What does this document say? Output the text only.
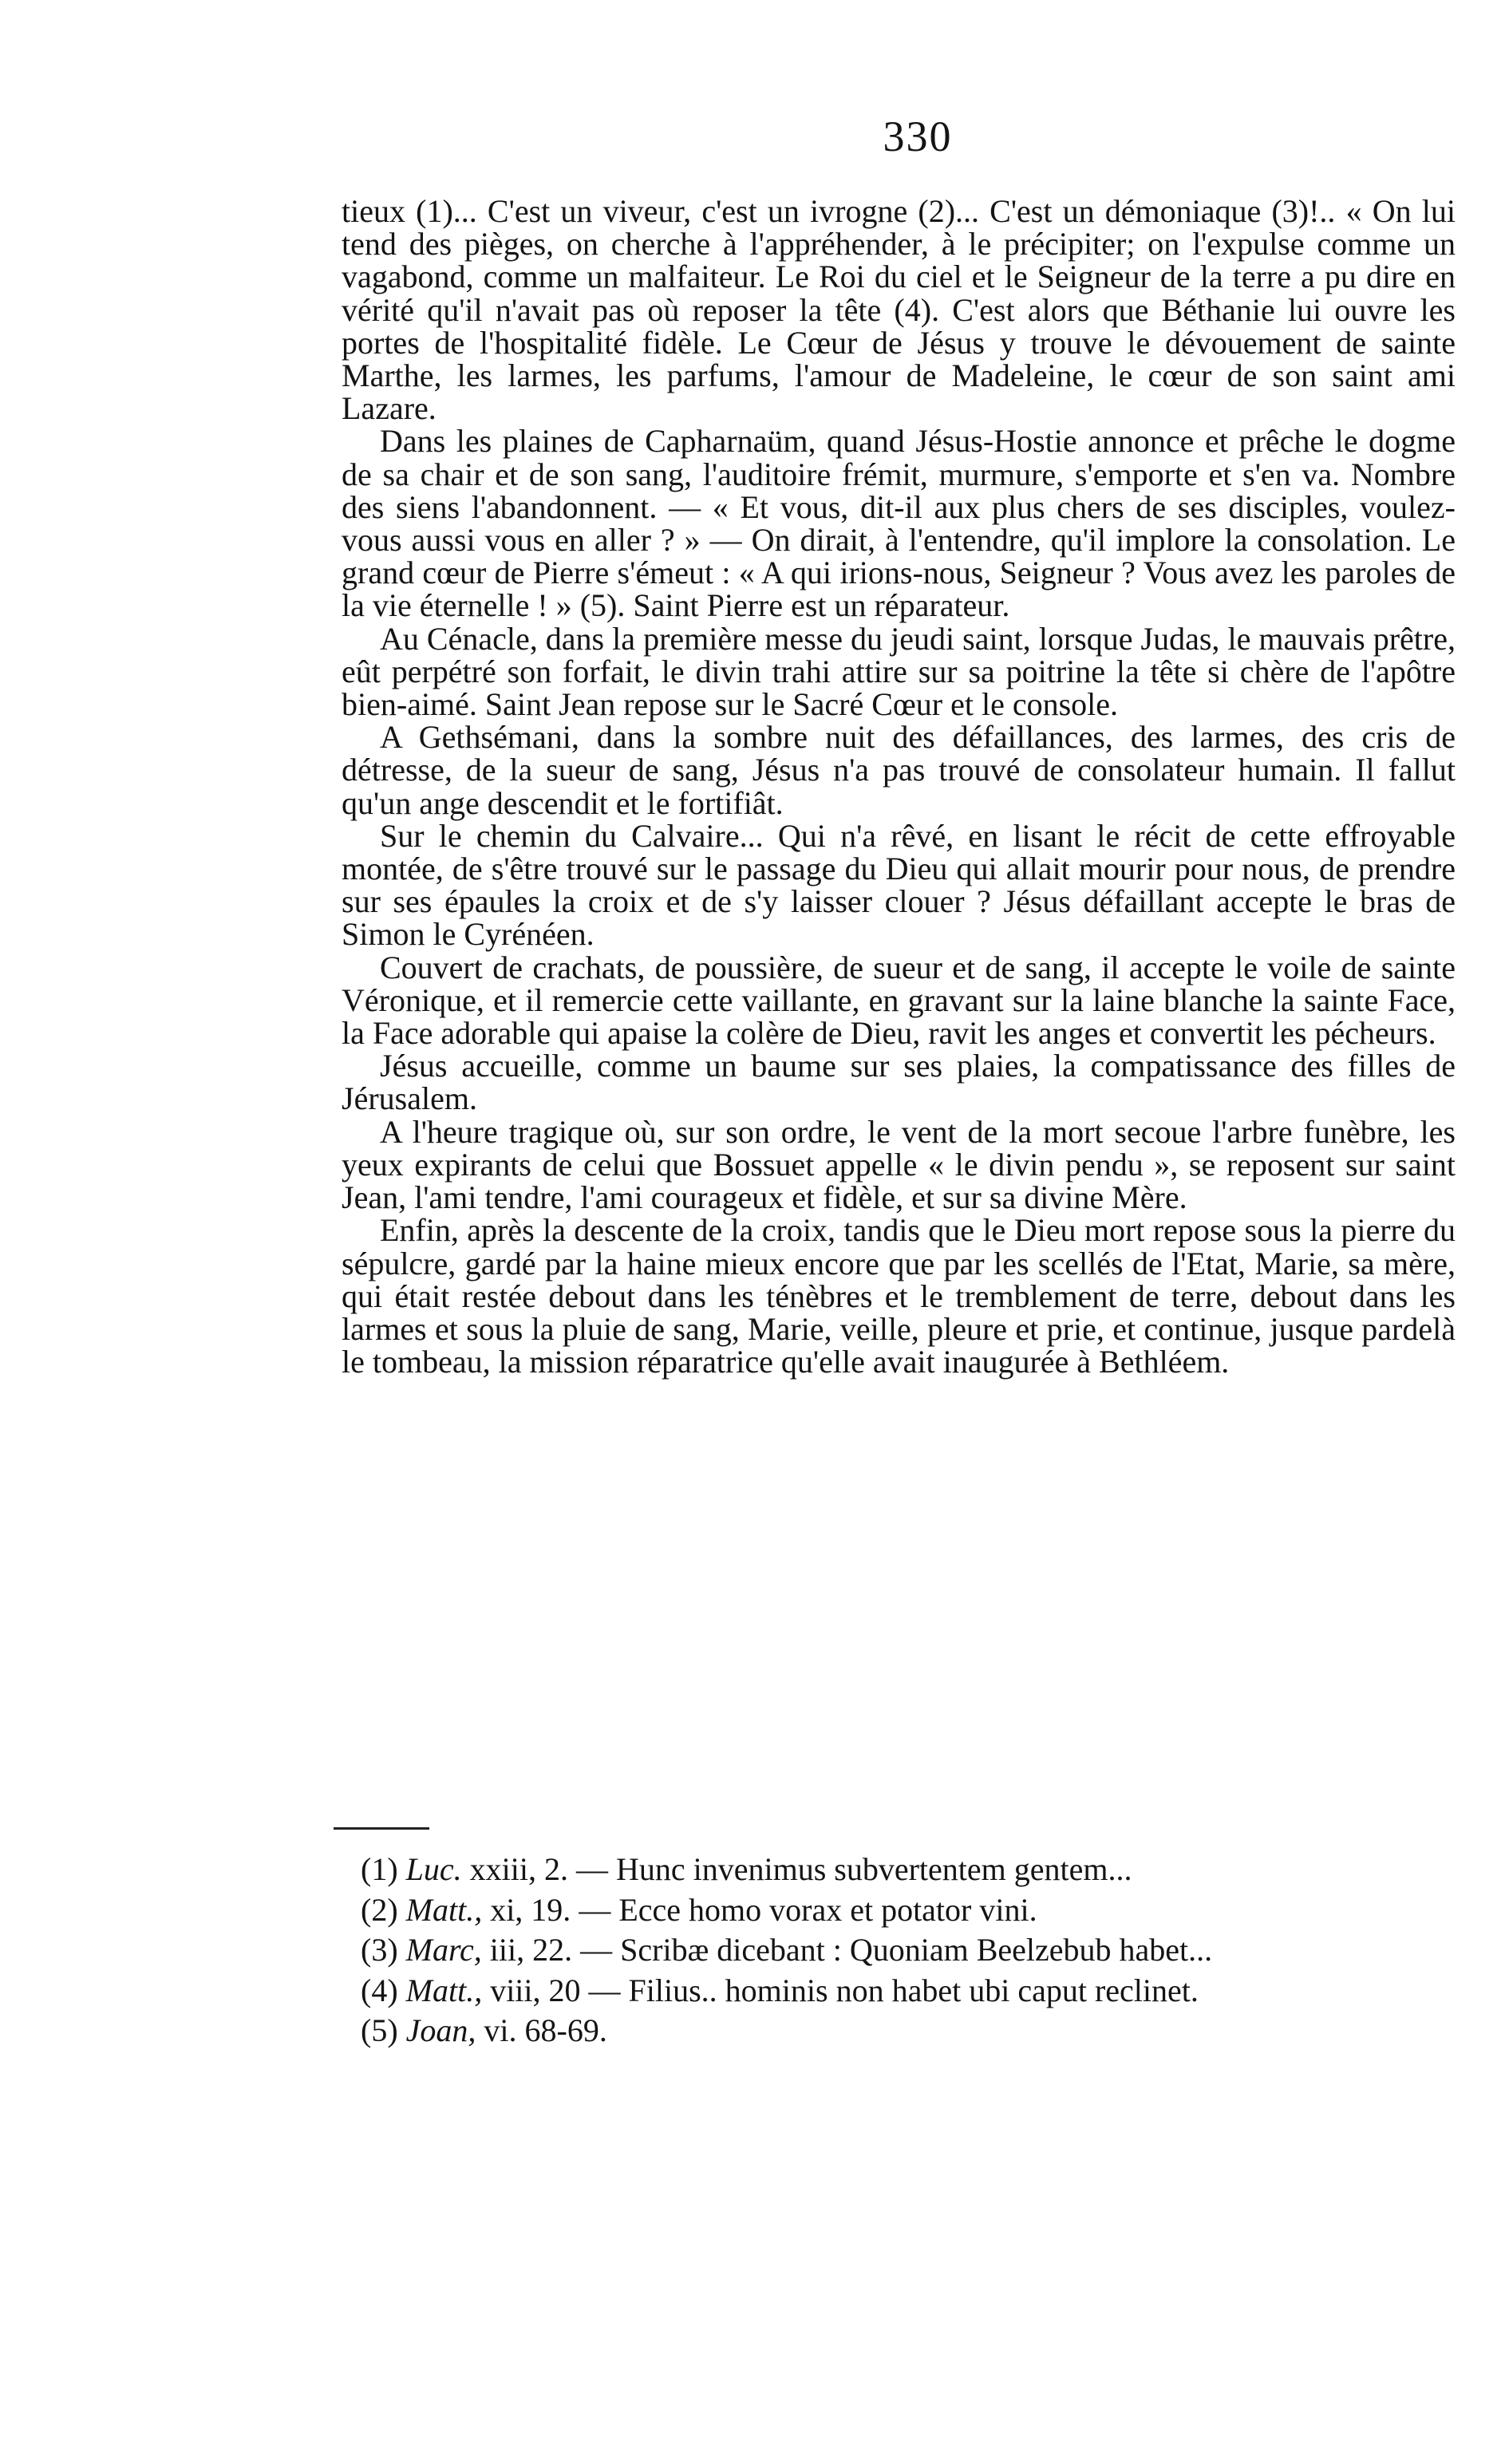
330

tieux (1)... C'est un viveur, c'est un ivrogne (2)... C'est un démoniaque (3)!.. « On lui tend des pièges, on cherche à l'appréhender, à le précipiter; on l'expulse comme un vagabond, comme un malfaiteur. Le Roi du ciel et le Seigneur de la terre a pu dire en vérité qu'il n'avait pas où reposer la tête (4). C'est alors que Béthanie lui ouvre les portes de l'hospitalité fidèle. Le Cœur de Jésus y trouve le dévouement de sainte Marthe, les larmes, les parfums, l'amour de Madeleine, le cœur de son saint ami Lazare.

Dans les plaines de Capharnaüm, quand Jésus-Hostie annonce et prêche le dogme de sa chair et de son sang, l'auditoire frémit, murmure, s'emporte et s'en va. Nombre des siens l'abandonnent. — « Et vous, dit-il aux plus chers de ses disciples, voulez-vous aussi vous en aller ? » — On dirait, à l'entendre, qu'il implore la consolation. Le grand cœur de Pierre s'émeut : « A qui irions-nous, Seigneur ? Vous avez les paroles de la vie éternelle ! » (5). Saint Pierre est un réparateur.

Au Cénacle, dans la première messe du jeudi saint, lorsque Judas, le mauvais prêtre, eût perpétré son forfait, le divin trahi attire sur sa poitrine la tête si chère de l'apôtre bien-aimé. Saint Jean repose sur le Sacré Cœur et le console.

A Gethsémani, dans la sombre nuit des défaillances, des larmes, des cris de détresse, de la sueur de sang, Jésus n'a pas trouvé de consolateur humain. Il fallut qu'un ange descendit et le fortifiât.

Sur le chemin du Calvaire... Qui n'a rêvé, en lisant le récit de cette effroyable montée, de s'être trouvé sur le passage du Dieu qui allait mourir pour nous, de prendre sur ses épaules la croix et de s'y laisser clouer ? Jésus défaillant accepte le bras de Simon le Cyrénéen.

Couvert de crachats, de poussière, de sueur et de sang, il accepte le voile de sainte Véronique, et il remercie cette vaillante, en gravant sur la laine blanche la sainte Face, la Face adorable qui apaise la colère de Dieu, ravit les anges et convertit les pécheurs.

Jésus accueille, comme un baume sur ses plaies, la compatissance des filles de Jérusalem.

A l'heure tragique où, sur son ordre, le vent de la mort secoue l'arbre funèbre, les yeux expirants de celui que Bossuet appelle « le divin pendu », se reposent sur saint Jean, l'ami tendre, l'ami courageux et fidèle, et sur sa divine Mère.

Enfin, après la descente de la croix, tandis que le Dieu mort repose sous la pierre du sépulcre, gardé par la haine mieux encore que par les scellés de l'Etat, Marie, sa mère, qui était restée debout dans les ténèbres et le tremblement de terre, debout dans les larmes et sous la pluie de sang, Marie, veille, pleure et prie, et continue, jusque pardelà le tombeau, la mission réparatrice qu'elle avait inaugurée à Bethléem.

(1) Luc. xxiii, 2. — Hunc invenimus subvertentem gentem...

(2) Matt., xi, 19. — Ecce homo vorax et potator vini.

(3) Marc, iii, 22. — Scribæ dicebant : Quoniam Beelzebub habet...

(4) Matt., viii, 20 — Filius.. hominis non habet ubi caput reclinet.

(5) Joan, vi. 68-69.
